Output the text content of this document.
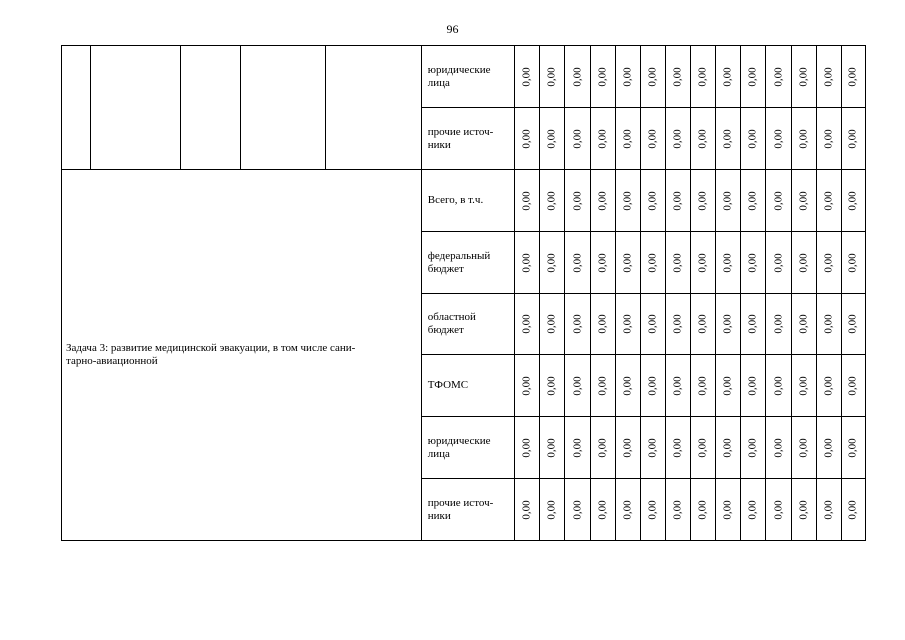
96
					юридические
лица	0,00	0,00	0,00	0,00	0,00	0,00	0,00	0,00	0,00	0,00	0,00	0,00	0,00	0,00

					прочие источ-
ники	0,00	0,00	0,00	0,00	0,00	0,00	0,00	0,00	0,00	0,00	0,00	0,00	0,00	0,00

Задача 3: развитие медицинской эвакуации, в том числе сани-
тарно-авиационной					Всего, в т.ч.	0,00	0,00	0,00	0,00	0,00	0,00	0,00	0,00	0,00	0,00	0,00	0,00	0,00	0,00

					федеральный
бюджет	0,00	0,00	0,00	0,00	0,00	0,00	0,00	0,00	0,00	0,00	0,00	0,00	0,00	0,00

					областной
бюджет	0,00	0,00	0,00	0,00	0,00	0,00	0,00	0,00	0,00	0,00	0,00	0,00	0,00	0,00

					ТФОМС	0,00	0,00	0,00	0,00	0,00	0,00	0,00	0,00	0,00	0,00	0,00	0,00	0,00	0,00

					юридические
лица	0,00	0,00	0,00	0,00	0,00	0,00	0,00	0,00	0,00	0,00	0,00	0,00	0,00	0,00

					прочие источ-
ники	0,00	0,00	0,00	0,00	0,00	0,00	0,00	0,00	0,00	0,00	0,00	0,00	0,00	0,00
